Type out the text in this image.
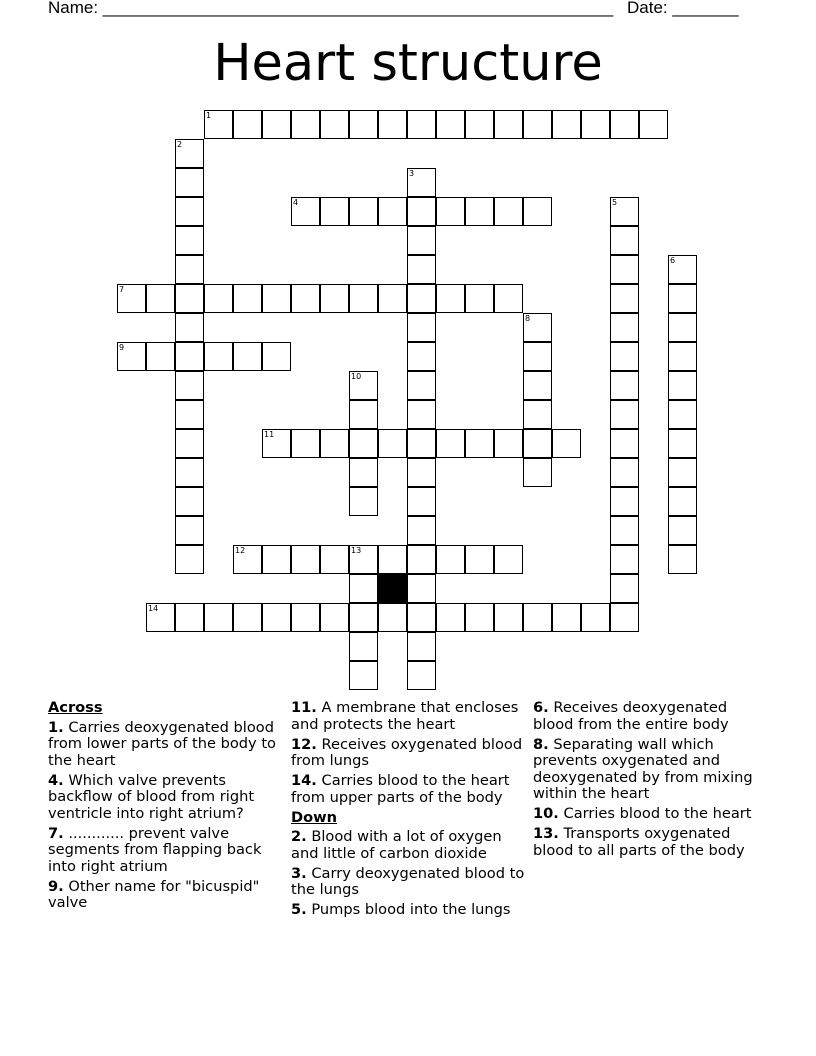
Name: ______________________________________________________ Date: _______
Heart structure
1
2
3
4	5
6
7
8
9
10
11
12	13
14
Across
1. Carries deoxygenated blood from lower parts of the body to the heart
4. Which valve prevents backflow of blood from right ventricle into right atrium?
7. ............ prevent valve segments from flapping back into right atrium
9. Other name for "bicuspid" valve
11. A membrane that encloses and protects the heart
12. Receives oxygenated blood from lungs
14. Carries blood to the heart from upper parts of the body
Down
2. Blood with a lot of oxygen and little of carbon dioxide
3. Carry deoxygenated blood to the lungs
5. Pumps blood into the lungs
6. Receives deoxygenated blood from the entire body
8. Separating wall which prevents oxygenated and deoxygenated by from mixing within the heart
10. Carries blood to the heart
13. Transports oxygenated blood to all parts of the body
